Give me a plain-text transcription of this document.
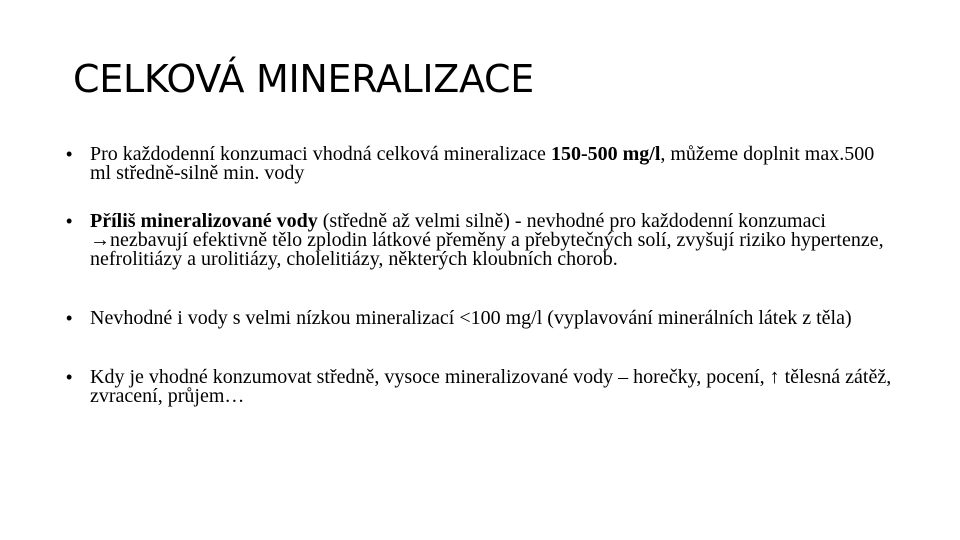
CELKOVÁ MINERALIZACE
• Pro každodenní konzumaci vhodná celková mineralizace 150-500 mg/l, můžeme doplnit max.500 ml středně-silně min. vody
• Příliš mineralizované vody (středně až velmi silně) - nevhodné pro každodenní konzumaci →nezbavují efektivně tělo zplodin látkové přeměny a přebytečných solí, zvyšují riziko hypertenze, nefrolitiázy a urolitiázy, cholelitiázy, některých kloubních chorob.
• Nevhodné i vody s velmi nízkou mineralizací <100 mg/l (vyplavování minerálních látek z těla)
• Kdy je vhodné konzumovat středně, vysoce mineralizované vody – horečky, pocení, ↑ tělesná zátěž, zvracení, průjem…
